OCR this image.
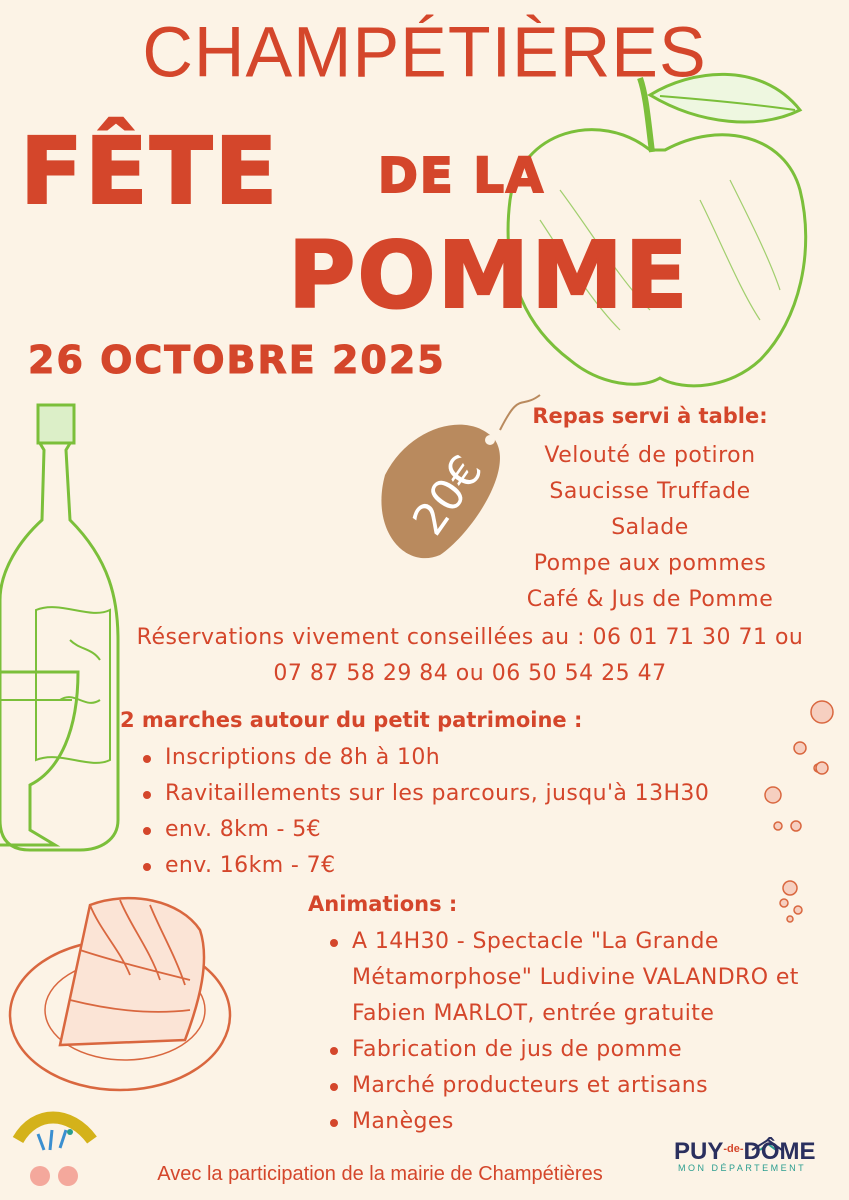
CHAMPÉTIÈRES
FÊTE DE LA
POMME
26 OCTOBRE 2025
20€
Repas servi à table:
Velouté de potiron
Saucisse Truffade
Salade
Pompe aux pommes
Café & Jus de Pomme
Réservations vivement conseillées au : 06 01 71 30 71 ou
07 87 58 29 84 ou 06 50 54 25 47
2 marches autour du petit patrimoine :
Inscriptions de 8h à 10h
Ravitaillements sur les parcours, jusqu'à 13H30
env. 8km - 5€
env. 16km - 7€
Animations :
A 14H30 - Spectacle "La Grande Métamorphose" Ludivine VALANDRO et Fabien MARLOT, entrée gratuite
Fabrication de jus de pomme
Marché producteurs et artisans
Manèges
Avec la participation de la mairie de Champétières
$PUY^{-de-}DÔME$
MON DÉPARTEMENT
